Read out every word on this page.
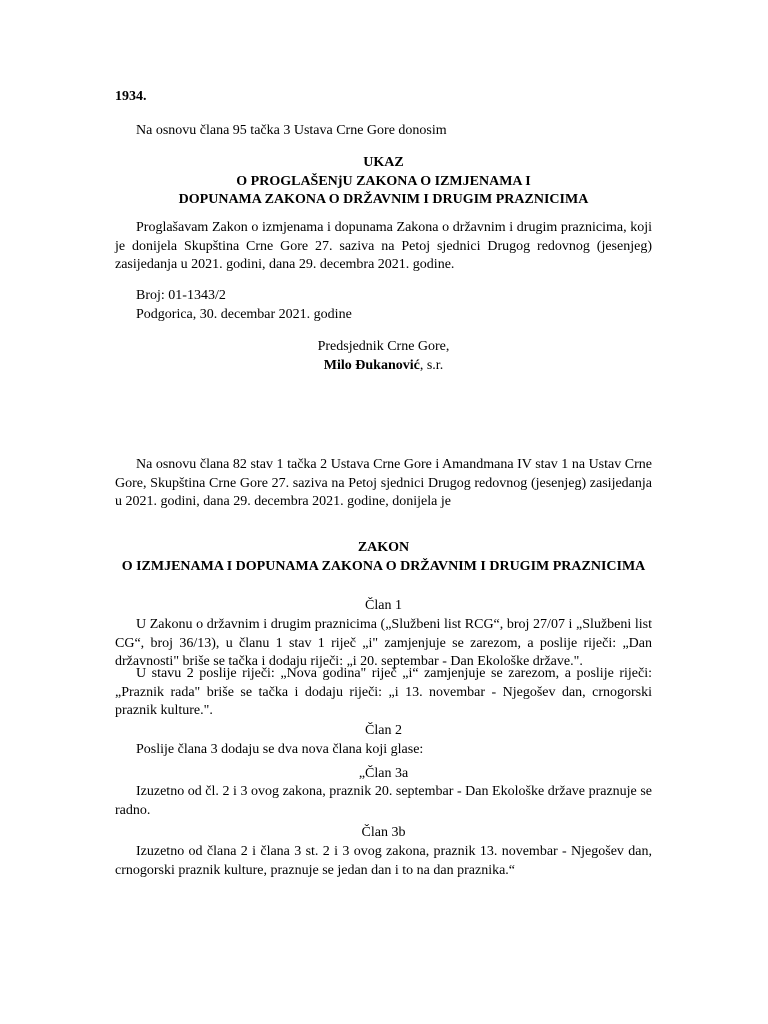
1934.

Na osnovu člana 95 tačka 3 Ustava Crne Gore donosim

UKAZ

O PROGLAŠENjU ZAKONA O IZMJENAMA I

DOPUNAMA ZAKONA O DRŽAVNIM I DRUGIM PRAZNICIMA

Proglašavam Zakon o izmjenama i dopunama Zakona o državnim i drugim praznicima, koji je donijela Skupština Crne Gore 27. saziva na Petoj sjednici Drugog redovnog (jesenjeg) zasijedanja u 2021. godini, dana 29. decembra 2021. godine.

Broj: 01-1343/2

Podgorica, 30. decembar 2021. godine

Predsjednik Crne Gore,

Milo Đukanović, s.r.

Na osnovu člana 82 stav 1 tačka 2 Ustava Crne Gore i Amandmana IV stav 1 na Ustav Crne Gore, Skupština Crne Gore 27. saziva na Petoj sjednici Drugog redovnog (jesenjeg) zasijedanja u 2021. godini, dana 29. decembra 2021. godine, donijela je

ZAKON

O IZMJENAMA I DOPUNAMA ZAKONA O DRŽAVNIM I DRUGIM PRAZNICIMA

Član 1

U Zakonu o državnim i drugim praznicima („Službeni list RCG“, broj 27/07 i „Službeni list CG“, broj 36/13), u članu 1 stav 1 riječ „i" zamjenjuje se zarezom, a poslije riječi: „Dan državnosti" briše se tačka i dodaju riječi: „i 20. septembar - Dan Ekološke države.".

U stavu 2 poslije riječi: „Nova godina" riječ „i“ zamjenjuje se zarezom, a poslije riječi: „Praznik rada" briše se tačka i dodaju riječi: „i 13. novembar - Njegošev dan, crnogorski praznik kulture.".

Član 2

Poslije člana 3 dodaju se dva nova člana koji glase:

„Član 3a

Izuzetno od čl. 2 i 3 ovog zakona, praznik 20. septembar - Dan Ekološke države praznuje se radno.

Član 3b

Izuzetno od člana 2 i člana 3 st. 2 i 3 ovog zakona, praznik 13. novembar - Njegošev dan, crnogorski praznik kulture, praznuje se jedan dan i to na dan praznika.“
